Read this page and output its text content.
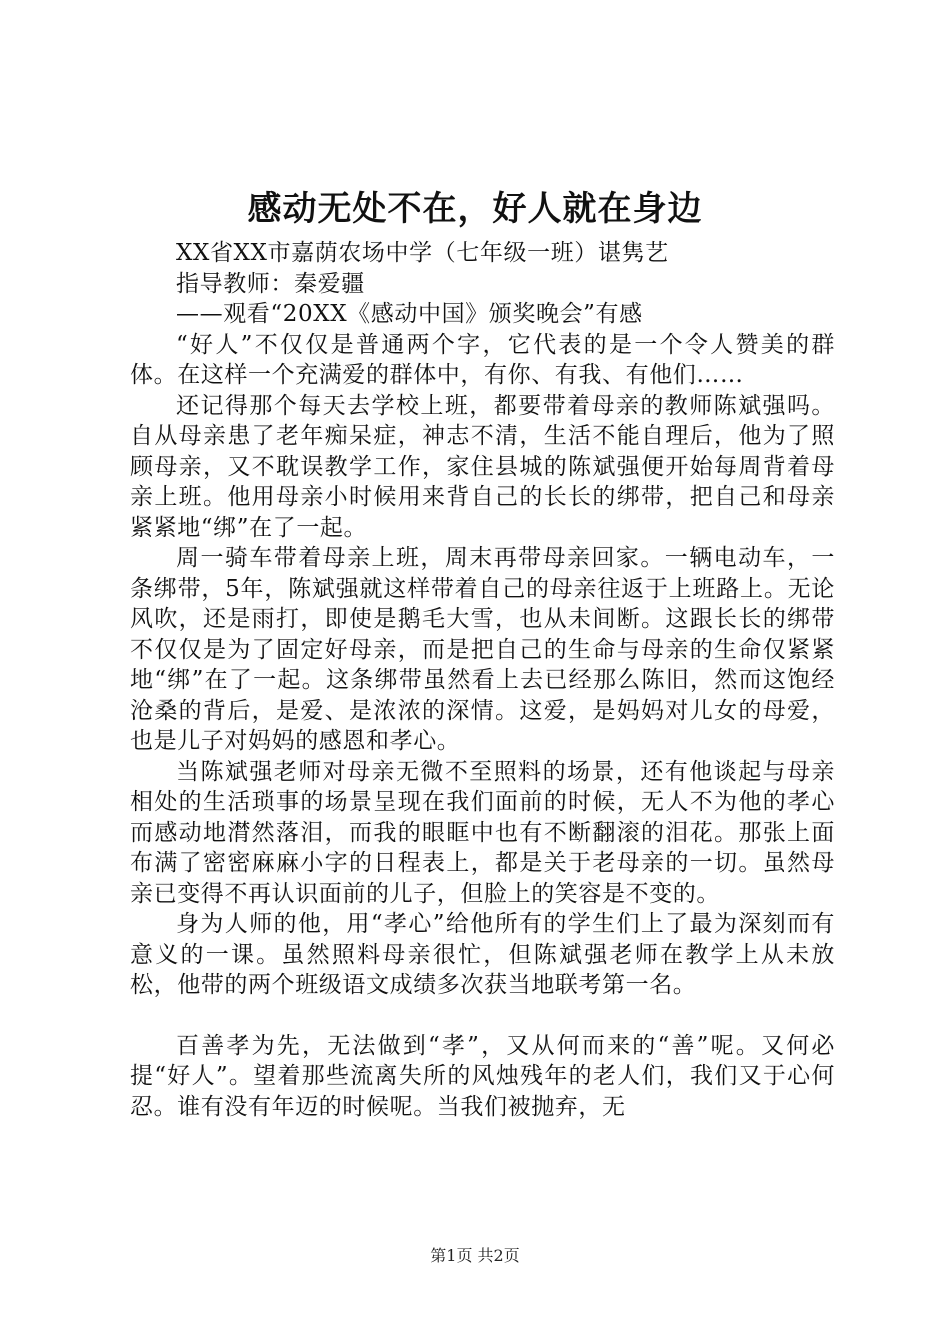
感动无处不在，好人就在身边

XX省XX市嘉荫农场中学（七年级一班）谌隽艺

指导教师：秦爱疆

——观看“20XX《感动中国》颁奖晚会”有感

“好人”不仅仅是普通两个字，它代表的是一个令人赞美的群体。在这样一个充满爱的群体中，有你、有我、有他们……

还记得那个每天去学校上班，都要带着母亲的教师陈斌强吗。自从母亲患了老年痴呆症，神志不清，生活不能自理后，他为了照顾母亲，又不耽误教学工作，家住县城的陈斌强便开始每周背着母亲上班。他用母亲小时候用来背自己的长长的绑带，把自己和母亲紧紧地“绑”在了一起。

周一骑车带着母亲上班，周末再带母亲回家。一辆电动车，一条绑带，5年，陈斌强就这样带着自己的母亲往返于上班路上。无论风吹，还是雨打，即使是鹅毛大雪，也从未间断。这跟长长的绑带不仅仅是为了固定好母亲，而是把自己的生命与母亲的生命仅紧紧地“绑”在了一起。这条绑带虽然看上去已经那么陈旧，然而这饱经沧桑的背后，是爱、是浓浓的深情。这爱，是妈妈对儿女的母爱，也是儿子对妈妈的感恩和孝心。

当陈斌强老师对母亲无微不至照料的场景，还有他谈起与母亲相处的生活琐事的场景呈现在我们面前的时候，无人不为他的孝心而感动地潸然落泪，而我的眼眶中也有不断翻滚的泪花。那张上面布满了密密麻麻小字的日程表上，都是关于老母亲的一切。虽然母亲已变得不再认识面前的儿子，但脸上的笑容是不变的。

身为人师的他，用“孝心”给他所有的学生们上了最为深刻而有意义的一课。虽然照料母亲很忙，但陈斌强老师在教学上从未放松，他带的两个班级语文成绩多次获当地联考第一名。

百善孝为先，无法做到“孝”，又从何而来的“善”呢。又何必提“好人”。望着那些流离失所的风烛残年的老人们，我们又于心何忍。谁有没有年迈的时候呢。当我们被抛弃，无

第1页 共2页
